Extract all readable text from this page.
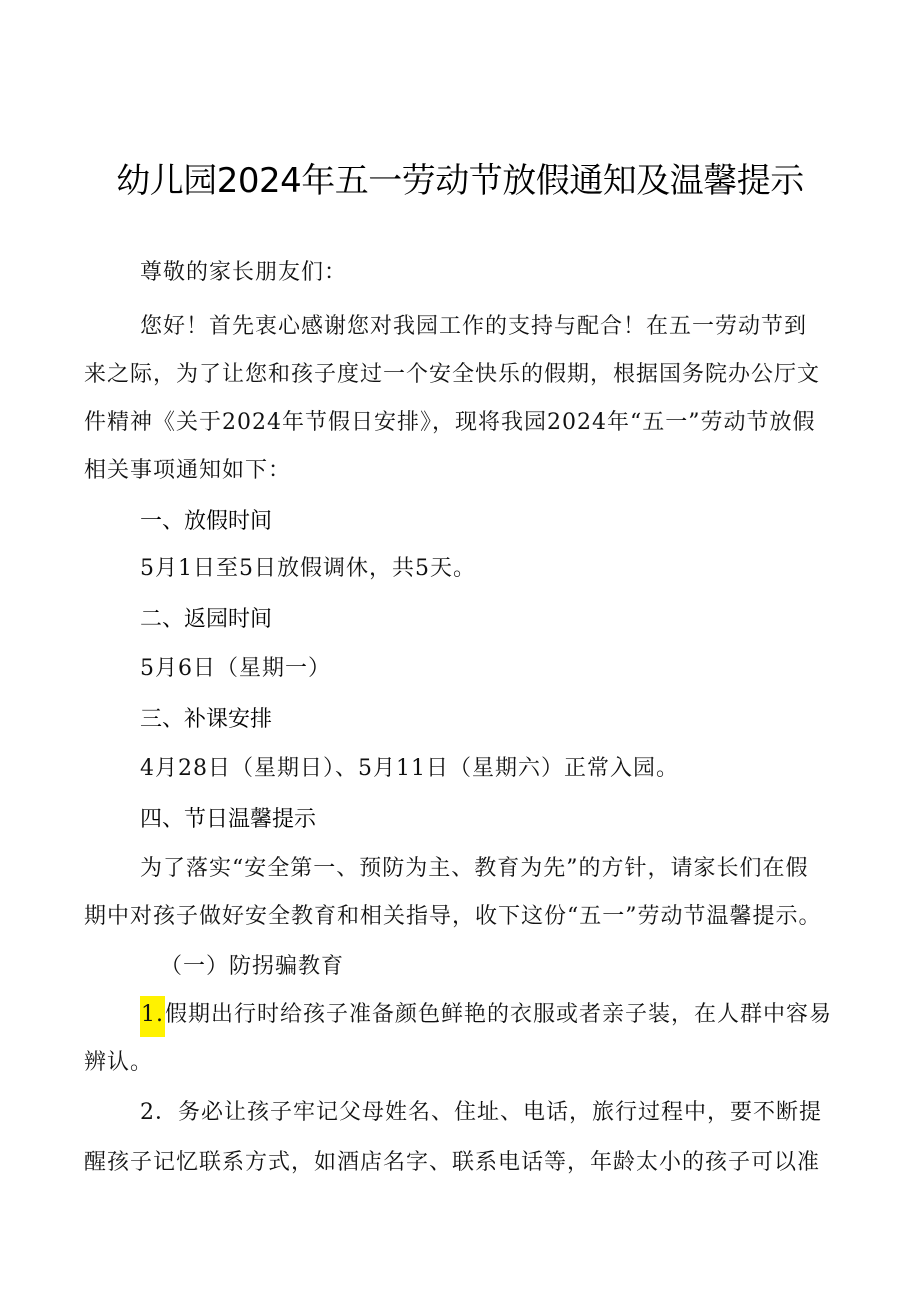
幼儿园2024年五一劳动节放假通知及温馨提示
尊敬的家长朋友们：
您好！首先衷心感谢您对我园工作的支持与配合！在五一劳动节到
来之际，为了让您和孩子度过一个安全快乐的假期，根据国务院办公厅文
件精神《关于2024年节假日安排》，现将我园2024年“五一”劳动节放假
相关事项通知如下：
一、放假时间
5月1日至5日放假调休，共5天。
二、返园时间
5月6日（星期一）
三、补课安排
4月28日（星期日）、5月11日（星期六）正常入园。
四、节日温馨提示
为了落实“安全第一、预防为主、教育为先”的方针，请家长们在假
期中对孩子做好安全教育和相关指导，收下这份“五一”劳动节温馨提示。
（一）防拐骗教育
1.假期出行时给孩子准备颜色鲜艳的衣服或者亲子装，在人群中容易
辨认。
2．务必让孩子牢记父母姓名、住址、电话，旅行过程中，要不断提
醒孩子记忆联系方式，如酒店名字、联系电话等，年龄太小的孩子可以准
